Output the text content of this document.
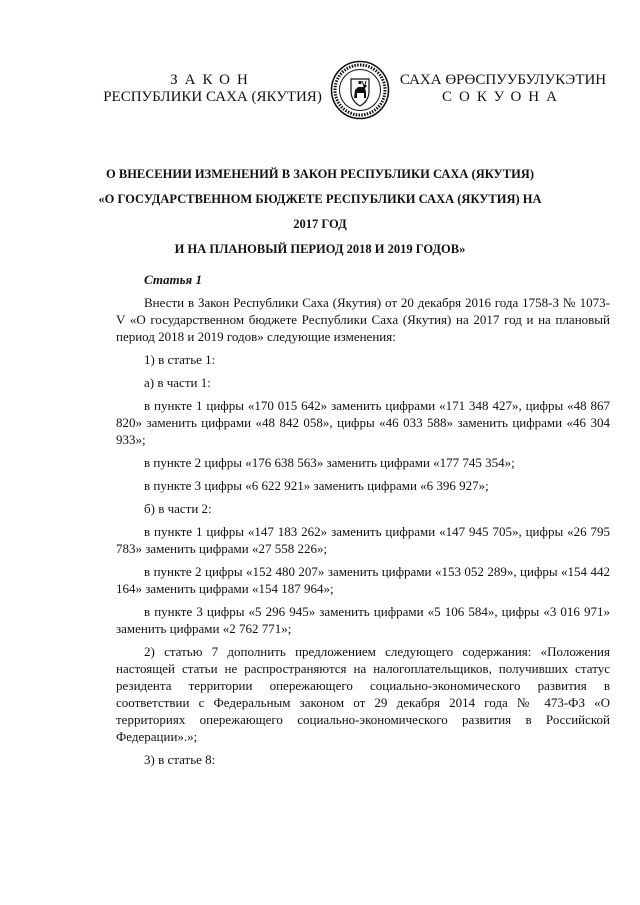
ЗАКОН
РЕСПУБЛИКИ САХА (ЯКУТИЯ)
САХА ӨРӨСПУУБУЛУКЭТИН
СОКУОНА
О ВНЕСЕНИИ ИЗМЕНЕНИЙ В ЗАКОН РЕСПУБЛИКИ САХА (ЯКУТИЯ)
«О ГОСУДАРСТВЕННОМ БЮДЖЕТЕ РЕСПУБЛИКИ САХА (ЯКУТИЯ) НА 2017 ГОД
И НА ПЛАНОВЫЙ ПЕРИОД 2018 И 2019 ГОДОВ»
Статья 1

Внести в Закон Республики Саха (Якутия) от 20 декабря 2016 года 1758-З № 1073-V «О государственном бюджете Республики Саха (Якутия) на 2017 год и на плановый период 2018 и 2019 годов» следующие изменения:

1) в статье 1:

а) в части 1:

в пункте 1 цифры «170 015 642» заменить цифрами «171 348 427», цифры «48 867 820» заменить цифрами «48 842 058», цифры «46 033 588» заменить цифрами «46 304 933»;

в пункте 2 цифры «176 638 563» заменить цифрами «177 745 354»;

в пункте 3 цифры «6 622 921» заменить цифрами «6 396 927»;

б) в части 2:

в пункте 1 цифры «147 183 262» заменить цифрами «147 945 705», цифры «26 795 783» заменить цифрами «27 558 226»;

в пункте 2 цифры «152 480 207» заменить цифрами «153 052 289», цифры «154 442 164» заменить цифрами «154 187 964»;

в пункте 3 цифры «5 296 945» заменить цифрами «5 106 584», цифры «3 016 971» заменить цифрами «2 762 771»;

2) статью 7 дополнить предложением следующего содержания: «Положения настоящей статьи не распространяются на налогоплательщиков, получивших статус резидента территории опережающего социально-экономического развития в соответствии с Федеральным законом от 29 декабря 2014 года № 473-ФЗ «О территориях опережающего социально-экономического развития в Российской Федерации».»;

3) в статье 8:
